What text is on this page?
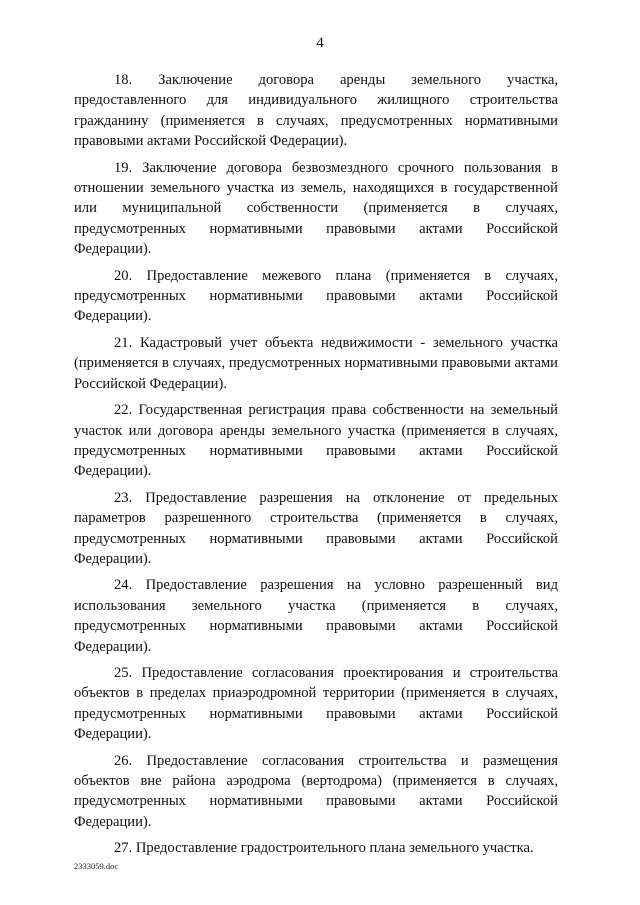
4

18. Заключение договора аренды земельного участка, предоставленного для индивидуального жилищного строительства гражданину (применяется в случаях, предусмотренных нормативными правовыми актами Российской Федерации).

19. Заключение договора безвозмездного срочного пользования в отношении земельного участка из земель, находящихся в государственной или муниципальной собственности (применяется в случаях, предусмотренных нормативными правовыми актами Российской Федерации).

20. Предоставление межевого плана (применяется в случаях, предусмотренных нормативными правовыми актами Российской Федерации).

21. Кадастровый учет объекта недвижимости - земельного участка (применяется в случаях, предусмотренных нормативными правовыми актами Российской Федерации).

22. Государственная регистрация права собственности на земельный участок или договора аренды земельного участка (применяется в случаях, предусмотренных нормативными правовыми актами Российской Федерации).

23. Предоставление разрешения на отклонение от предельных параметров разрешенного строительства (применяется в случаях, предусмотренных нормативными правовыми актами Российской Федерации).

24. Предоставление разрешения на условно разрешенный вид использования земельного участка (применяется в случаях, предусмотренных нормативными правовыми актами Российской Федерации).

25. Предоставление согласования проектирования и строительства объектов в пределах приаэродромной территории (применяется в случаях, предусмотренных нормативными правовыми актами Российской Федерации).

26. Предоставление согласования строительства и размещения объектов вне района аэродрома (вертодрома) (применяется в случаях, предусмотренных нормативными правовыми актами Российской Федерации).

27. Предоставление градостроительного плана земельного участка.

2333059.doc
